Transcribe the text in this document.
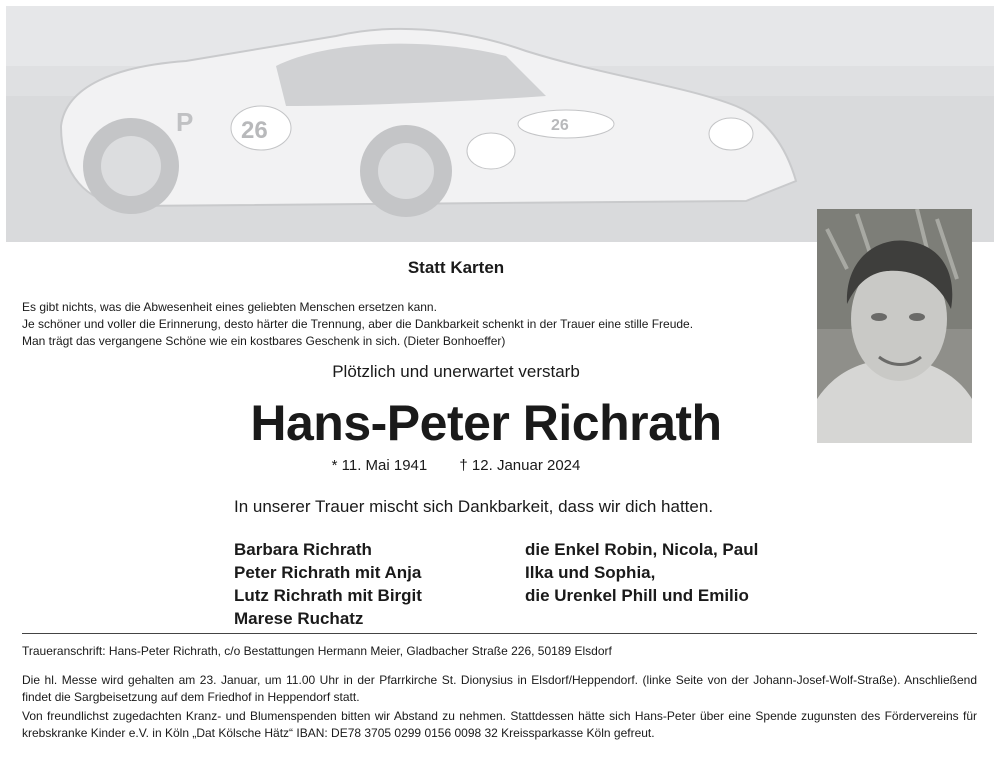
26
26
P
Statt Karten
Es gibt nichts, was die Abwesenheit eines geliebten Menschen ersetzen kann.
Je schöner und voller die Erinnerung, desto härter die Trennung, aber die Dankbarkeit schenkt in der Trauer eine stille Freude.
Man trägt das vergangene Schöne wie ein kostbares Geschenk in sich. (Dieter Bonhoeffer)
Plötzlich und unerwartet verstarb
Hans-Peter Richrath
* 11. Mai 1941 † 12. Januar 2024
In unserer Trauer mischt sich Dankbarkeit, dass wir dich hatten.
Barbara Richrath
Peter Richrath mit Anja
Lutz Richrath mit Birgit
Marese Ruchatz
die Enkel Robin, Nicola, Paul
Ilka und Sophia,
die Urenkel Phill und Emilio
Traueranschrift: Hans-Peter Richrath, c/o Bestattungen Hermann Meier, Gladbacher Straße 226, 50189 Elsdorf
Die hl. Messe wird gehalten am 23. Januar, um 11.00 Uhr in der Pfarrkirche St. Dionysius in Elsdorf/Heppendorf. (linke Seite von der Johann-Josef-Wolf-Straße). Anschließend findet die Sargbeisetzung auf dem Friedhof in Heppendorf statt.
Von freundlichst zugedachten Kranz- und Blumenspenden bitten wir Abstand zu nehmen. Stattdessen hätte sich Hans-Peter über eine Spende zugunsten des Fördervereins für krebskranke Kinder e.V. in Köln „Dat Kölsche Hätz“ IBAN: DE78 3705 0299 0156 0098 32 Kreissparkasse Köln gefreut.
